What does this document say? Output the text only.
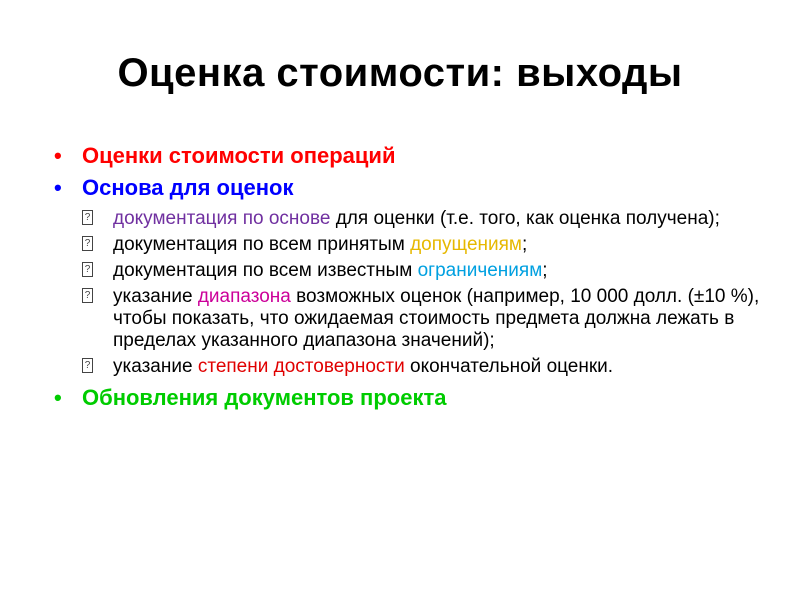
Оценка стоимости: выходы
• Оценки стоимости операций
• Основа для оценок
? документация по основе для оценки (т.е. того, как оценка получена);
? документация по всем принятым допущениям;
? документация по всем известным ограничениям;
? указание диапазона возможных оценок (например, 10 000 долл. (±10 %), чтобы показать, что ожидаемая стоимость предмета должна лежать в пределах указанного диапазона значений);
? указание степени достоверности окончательной оценки.
• Обновления документов проекта
